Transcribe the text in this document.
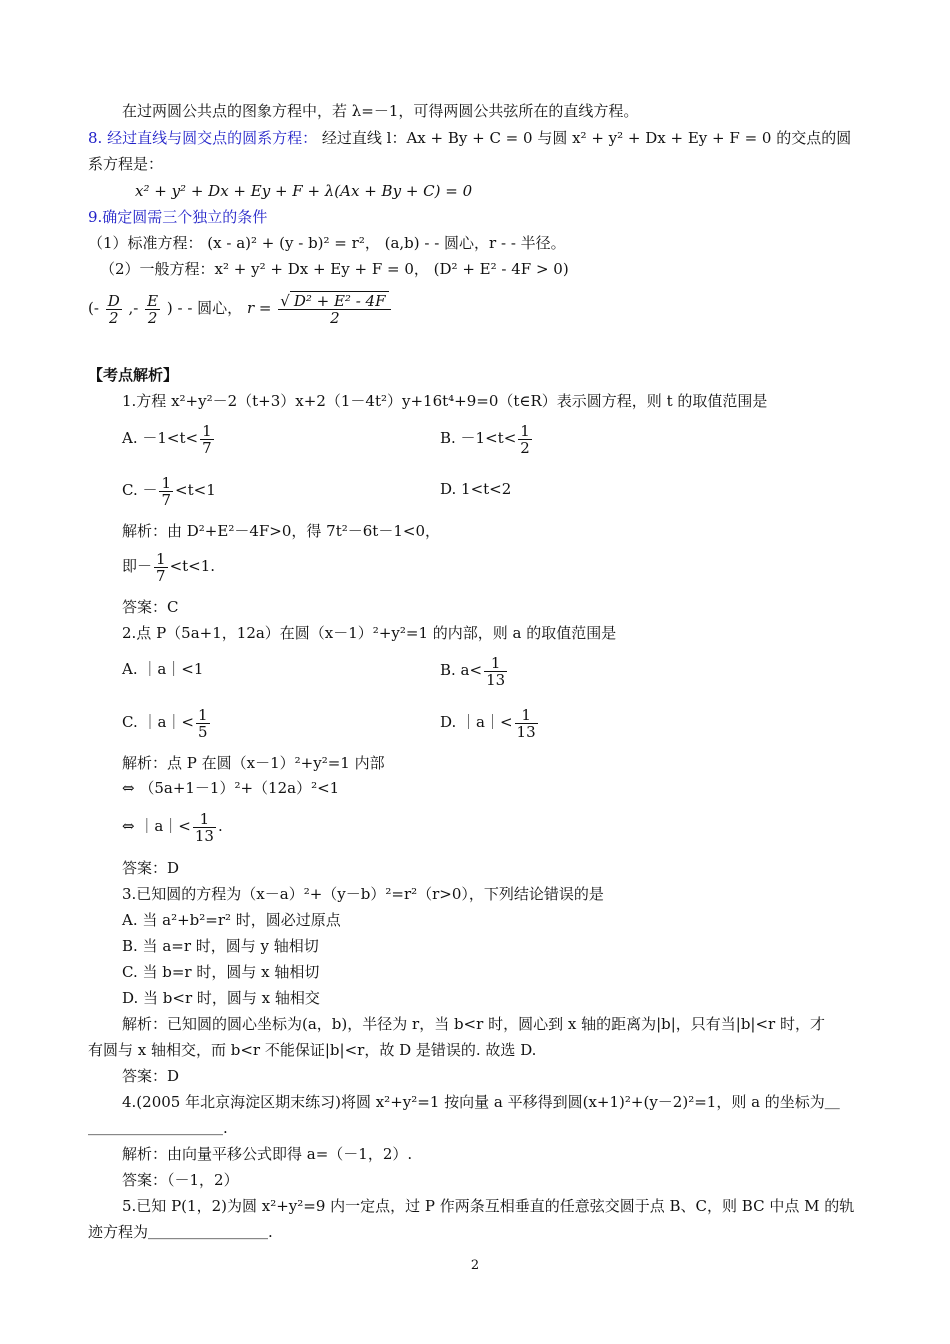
在过两圆公共点的图象方程中，若 λ=－1，可得两圆公共弦所在的直线方程。
8. 经过直线与圆交点的圆系方程： 经过直线 l：Ax + By + C = 0 与圆 x² + y² + Dx + Ey + F = 0 的交点的圆
系方程是：
x² + y² + Dx + Ey + F + λ(Ax + By + C) = 0
9.确定圆需三个独立的条件
（1）标准方程： (x - a)² + (y - b)² = r²， (a,b) - - 圆心，r - - 半径。
（2）一般方程：x² + y² + Dx + Ey + F = 0， (D² + E² - 4F > 0)
(- $\frac{D}{2}$ ,- $\frac{E}{2}$ ) - - 圆心， $r = \frac{\text{√ D² + E² - 4F}}{2}$
【考点解析】
1.方程 x²+y²－2（t+3）x+2（1－4t²）y+16t⁴+9=0（t∈R）表示圆方程，则 t 的取值范围是
A. $-1<t< \frac{1}{7}$	B. $-1<t< \frac{1}{2}$
C. － $\frac{1}{7} <t<1$	D. 1<t<2
解析：由 D²+E²－4F>0，得 7t²－6t－1<0，
即－ $\frac{1}{7} <t<1$.
答案：C
2.点 P（5a+1，12a）在圆（x－1）²+y²=1 的内部，则 a 的取值范围是
A. ｜a｜<1	B. $a< \frac{1}{13}$
C. ｜a｜< $\frac{1}{5}$	D. ｜a｜< $\frac{1}{13}$
解析：点 P 在圆（x－1）²+y²=1 内部
⇔ （5a+1－1）²+（12a）²<1
⇔ ｜a｜< $\frac{1}{13}$ .
答案：D
3.已知圆的方程为（x－a）²+（y－b）²=r²（r>0），下列结论错误的是
A. 当 a²+b²=r² 时，圆必过原点
B. 当 a=r 时，圆与 y 轴相切
C. 当 b=r 时，圆与 x 轴相切
D. 当 b<r 时，圆与 x 轴相交
解析：已知圆的圆心坐标为(a，b)，半径为 r，当 b<r 时，圆心到 x 轴的距离为|b|，只有当|b|<r 时，才
有圆与 x 轴相交，而 b<r 不能保证|b|<r，故 D 是错误的. 故选 D.
答案：D
4.(2005 年北京海淀区期末练习)将圆 x²+y²=1 按向量 a 平移得到圆(x+1)²+(y－2)²=1，则 a 的坐标为＿
＿＿＿＿＿＿＿＿＿.
解析：由向量平移公式即得 a=（－1，2）.
答案：（－1，2）
5.已知 P(1，2)为圆 x²+y²=9 内一定点，过 P 作两条互相垂直的任意弦交圆于点 B、C，则 BC 中点 M 的轨
迹方程为＿＿＿＿＿＿＿＿.
2
